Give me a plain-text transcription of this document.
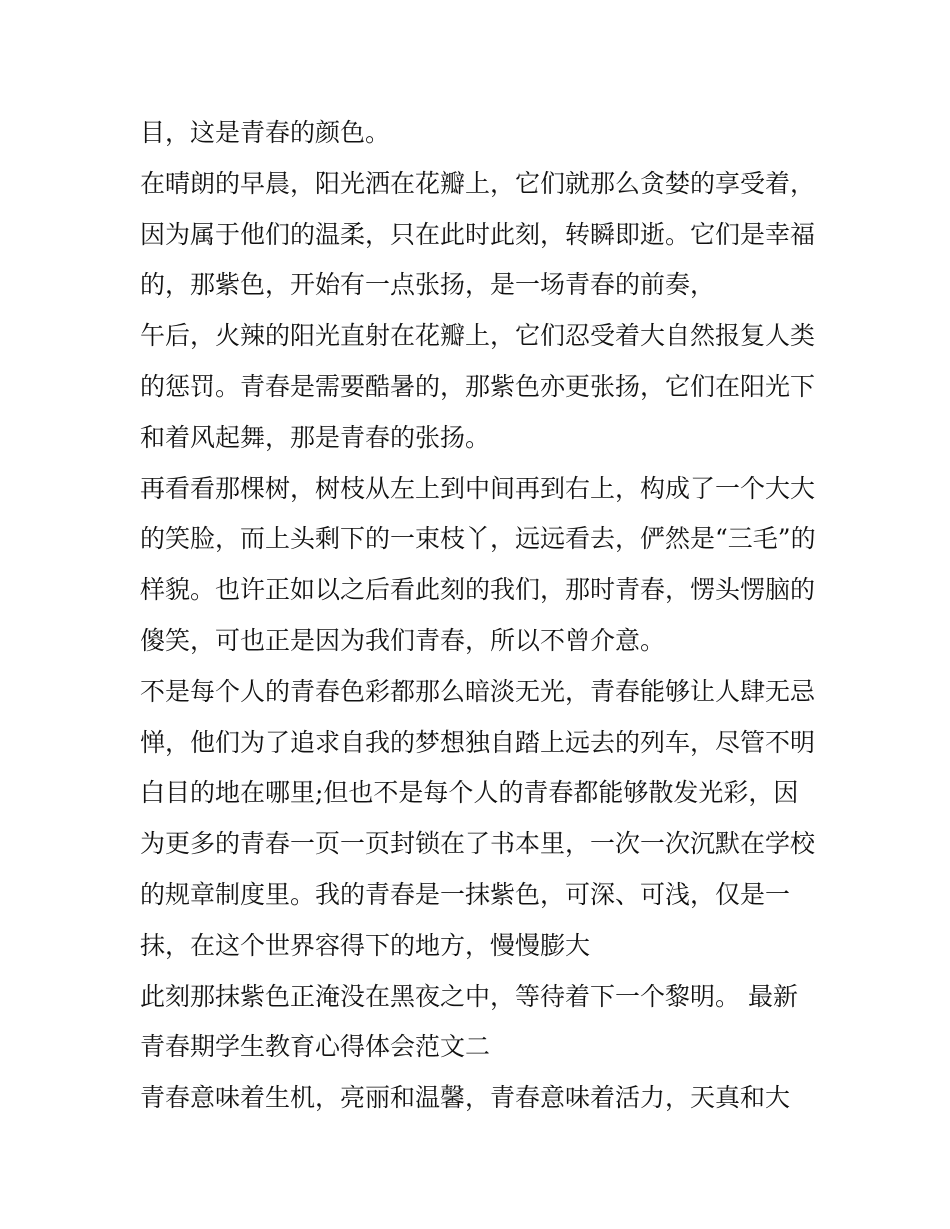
目，这是青春的颜色。
在晴朗的早晨，阳光洒在花瓣上，它们就那么贪婪的享受着，
因为属于他们的温柔，只在此时此刻，转瞬即逝。它们是幸福
的，那紫色，开始有一点张扬，是一场青春的前奏，
午后，火辣的阳光直射在花瓣上，它们忍受着大自然报复人类
的惩罚。青春是需要酷暑的，那紫色亦更张扬，它们在阳光下
和着风起舞，那是青春的张扬。
再看看那棵树，树枝从左上到中间再到右上，构成了一个大大
的笑脸，而上头剩下的一束枝丫，远远看去，俨然是“三毛”的
样貌。也许正如以之后看此刻的我们，那时青春，愣头愣脑的
傻笑，可也正是因为我们青春，所以不曾介意。
不是每个人的青春色彩都那么暗淡无光，青春能够让人肆无忌
惮，他们为了追求自我的梦想独自踏上远去的列车，尽管不明
白目的地在哪里;但也不是每个人的青春都能够散发光彩，因
为更多的青春一页一页封锁在了书本里，一次一次沉默在学校
的规章制度里。我的青春是一抹紫色，可深、可浅，仅是一
抹，在这个世界容得下的地方，慢慢膨大
此刻那抹紫色正淹没在黑夜之中，等待着下一个黎明。 最新
青春期学生教育心得体会范文二
青春意味着生机，亮丽和温馨，青春意味着活力，天真和大
